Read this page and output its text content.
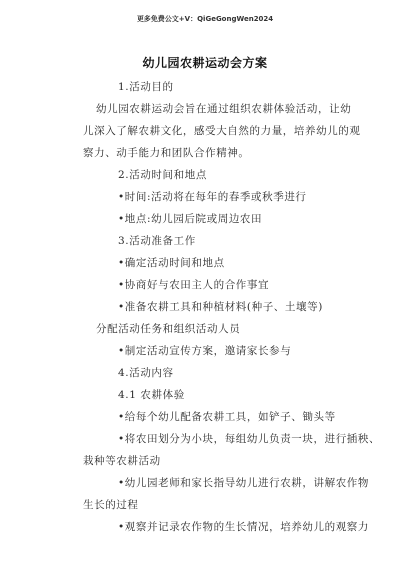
更多免费公文+V：QiGeGongWen2024
幼儿园农耕运动会方案
1.活动目的
幼儿园农耕运动会旨在通过组织农耕体验活动，让幼
儿深入了解农耕文化，感受大自然的力量，培养幼儿的观
察力、动手能力和团队合作精神。
2.活动时间和地点
•时间:活动将在每年的春季或秋季进行
•地点:幼儿园后院或周边农田
3.活动准备工作
•确定活动时间和地点
•协商好与农田主人的合作事宜
•准备农耕工具和种植材料(种子、土壤等)
分配活动任务和组织活动人员
•制定活动宣传方案，邀请家长参与
4.活动内容
4.1 农耕体验
•给每个幼儿配备农耕工具，如铲子、锄头等
•将农田划分为小块，每组幼儿负责一块，进行插秧、
栽种等农耕活动
•幼儿园老师和家长指导幼儿进行农耕，讲解农作物
生长的过程
•观察并记录农作物的生长情况，培养幼儿的观察力
